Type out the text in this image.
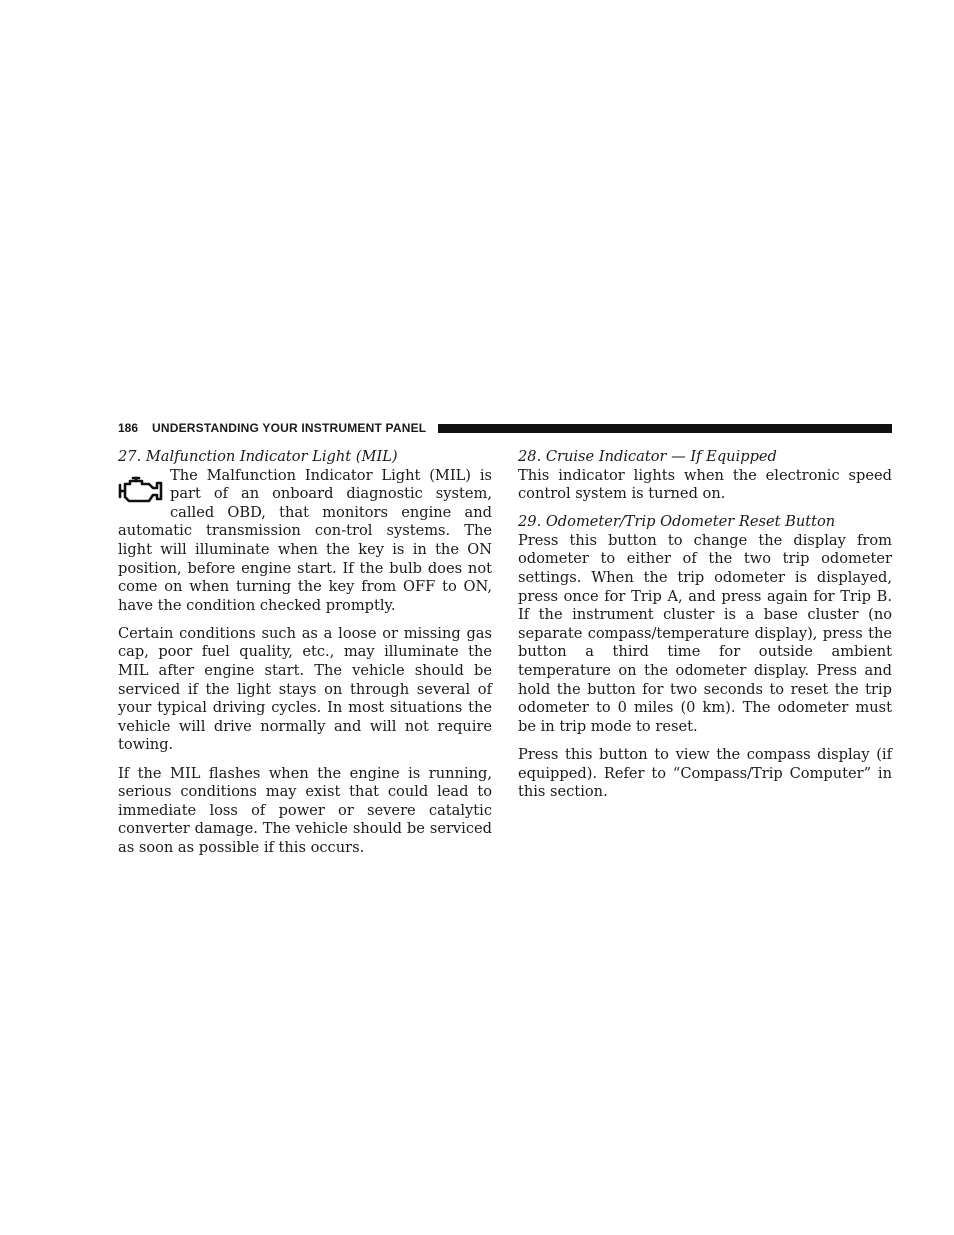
186 UNDERSTANDING YOUR INSTRUMENT PANEL
27. Malfunction Indicator Light (MIL)

The Malfunction Indicator Light (MIL) is part of an onboard diagnostic system, called OBD, that monitors engine and automatic transmission con-trol systems. The light will illuminate when the key is in the ON position, before engine start. If the bulb does not come on when turning the key from OFF to ON, have the condition checked promptly.

Certain conditions such as a loose or missing gas cap, poor fuel quality, etc., may illuminate the MIL after engine start. The vehicle should be serviced if the light stays on through several of your typical driving cycles. In most situations the vehicle will drive normally and will not require towing.

If the MIL flashes when the engine is running, serious conditions may exist that could lead to immediate loss of power or severe catalytic converter damage. The vehicle should be serviced as soon as possible if this occurs.

28. Cruise Indicator — If Equipped

This indicator lights when the electronic speed control system is turned on.

29. Odometer/Trip Odometer Reset Button

Press this button to change the display from odometer to either of the two trip odometer settings. When the trip odometer is displayed, press once for Trip A, and press again for Trip B. If the instrument cluster is a base cluster (no separate compass/temperature display), press the button a third time for outside ambient temperature on the odometer display. Press and hold the button for two seconds to reset the trip odometer to 0 miles (0 km). The odometer must be in trip mode to reset.

Press this button to view the compass display (if equipped). Refer to “Compass/Trip Computer” in this section.
